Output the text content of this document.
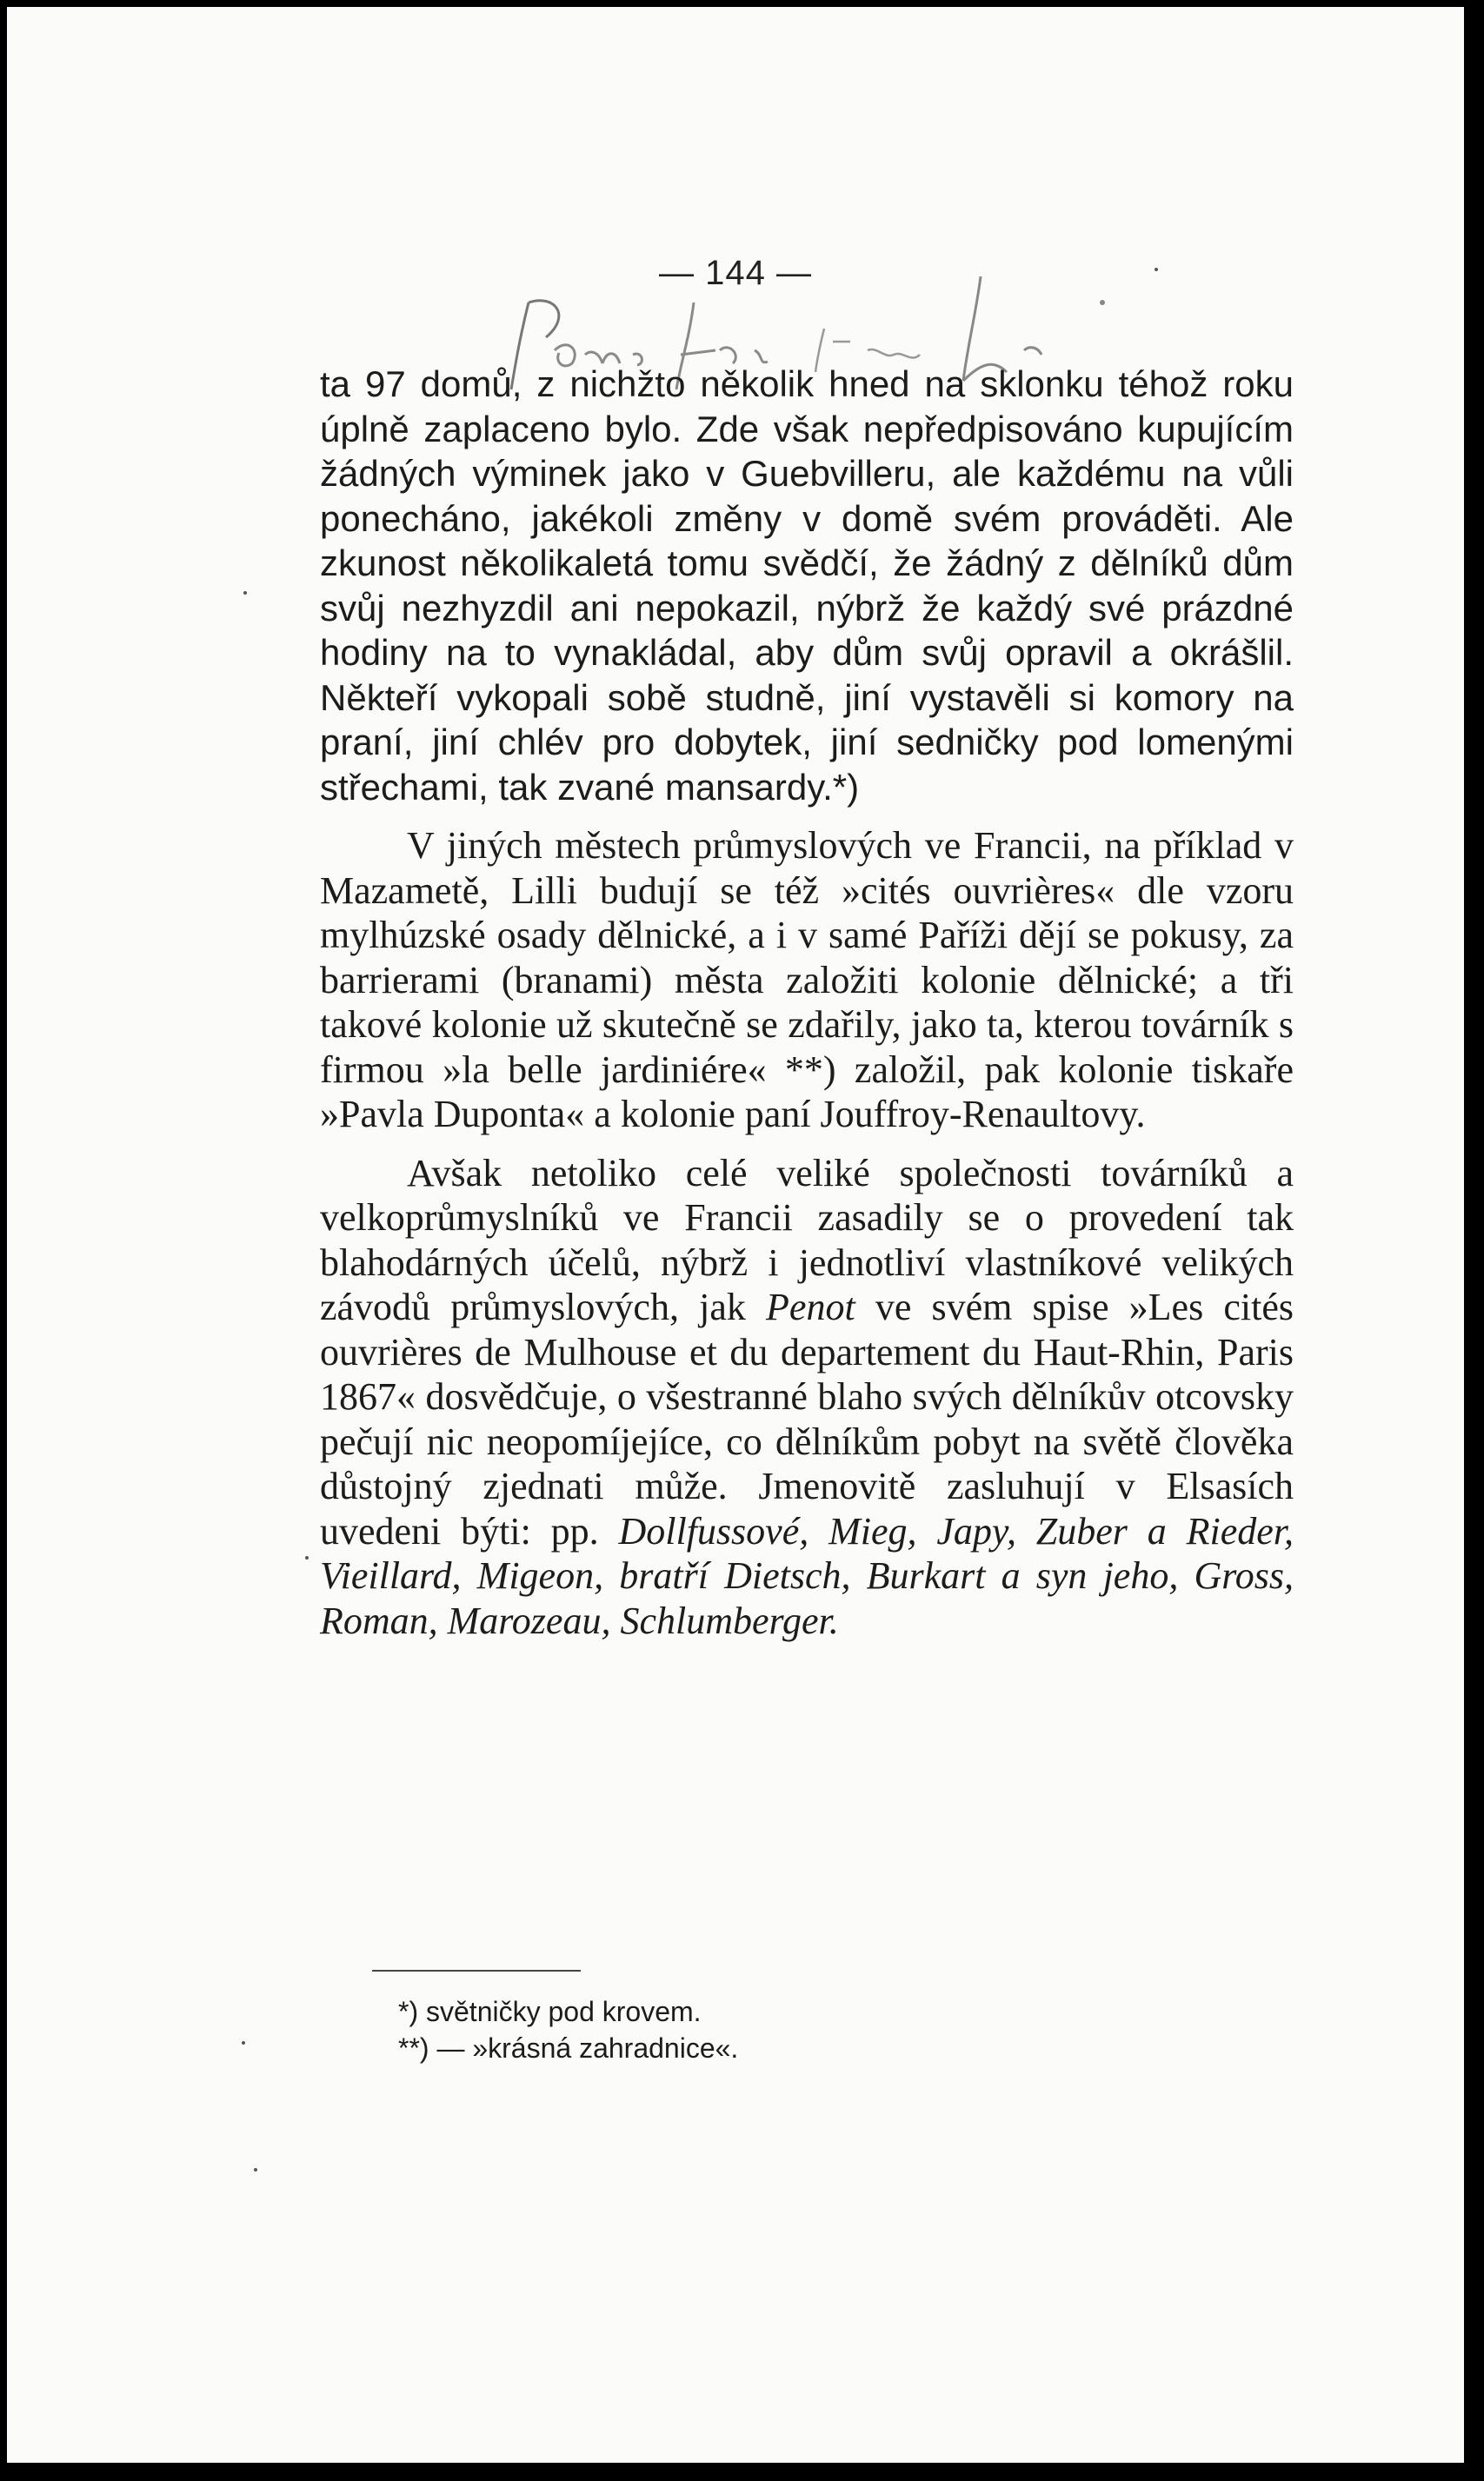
— 144 —

ta 97 domů, z nichžto několik hned na sklonku téhož roku úplně zaplaceno bylo. Zde však nepředpisováno kupujícím žádných výminek jako v Guebvilleru, ale každému na vůli ponecháno, jakékoli změny v domě svém prováděti. Ale zkunost několikaletá tomu svědčí, že žádný z dělníků dům svůj nezhyzdil ani nepokazil, nýbrž že každý své prázdné hodiny na to vynakládal, aby dům svůj opravil a okrášlil. Někteří vykopali sobě studně, jiní vystavěli si komory na praní, jiní chlév pro dobytek, jiní sedničky pod lomenými střechami, tak zvané mansardy.*)

V jiných městech průmyslových ve Francii, na příklad v Mazametě, Lilli budují se též »cités ouvrières« dle vzoru mylhúzské osady dělnické, a i v samé Paříži dějí se pokusy, za barrierami (branami) města založiti kolonie dělnické; a tři takové kolonie už skutečně se zdařily, jako ta, kterou továrník s firmou »la belle jardiniére« **) založil, pak kolonie tiskaře »Pavla Duponta« a kolonie paní Jouffroy-Renaultovy.

Avšak netoliko celé veliké společnosti továrníků a velkoprůmyslníků ve Francii zasadily se o provedení tak blahodárných účelů, nýbrž i jednotliví vlastníkové velikých závodů průmyslových, jak Penot ve svém spise »Les cités ouvrières de Mulhouse et du departement du Haut-Rhin, Paris 1867« dosvědčuje, o všestranné blaho svých dělníkův otcovsky pečují nic neopomíjejíce, co dělníkům pobyt na světě člověka důstojný zjednati může. Jmenovitě zasluhují v Elsasích uvedeni býti: pp. Dollfussové, Mieg, Japy, Zuber a Rieder, Vieillard, Migeon, bratří Dietsch, Burkart a syn jeho, Gross, Roman, Marozeau, Schlumberger.

*) světničky pod krovem.
**) — »krásná zahradnice«.
